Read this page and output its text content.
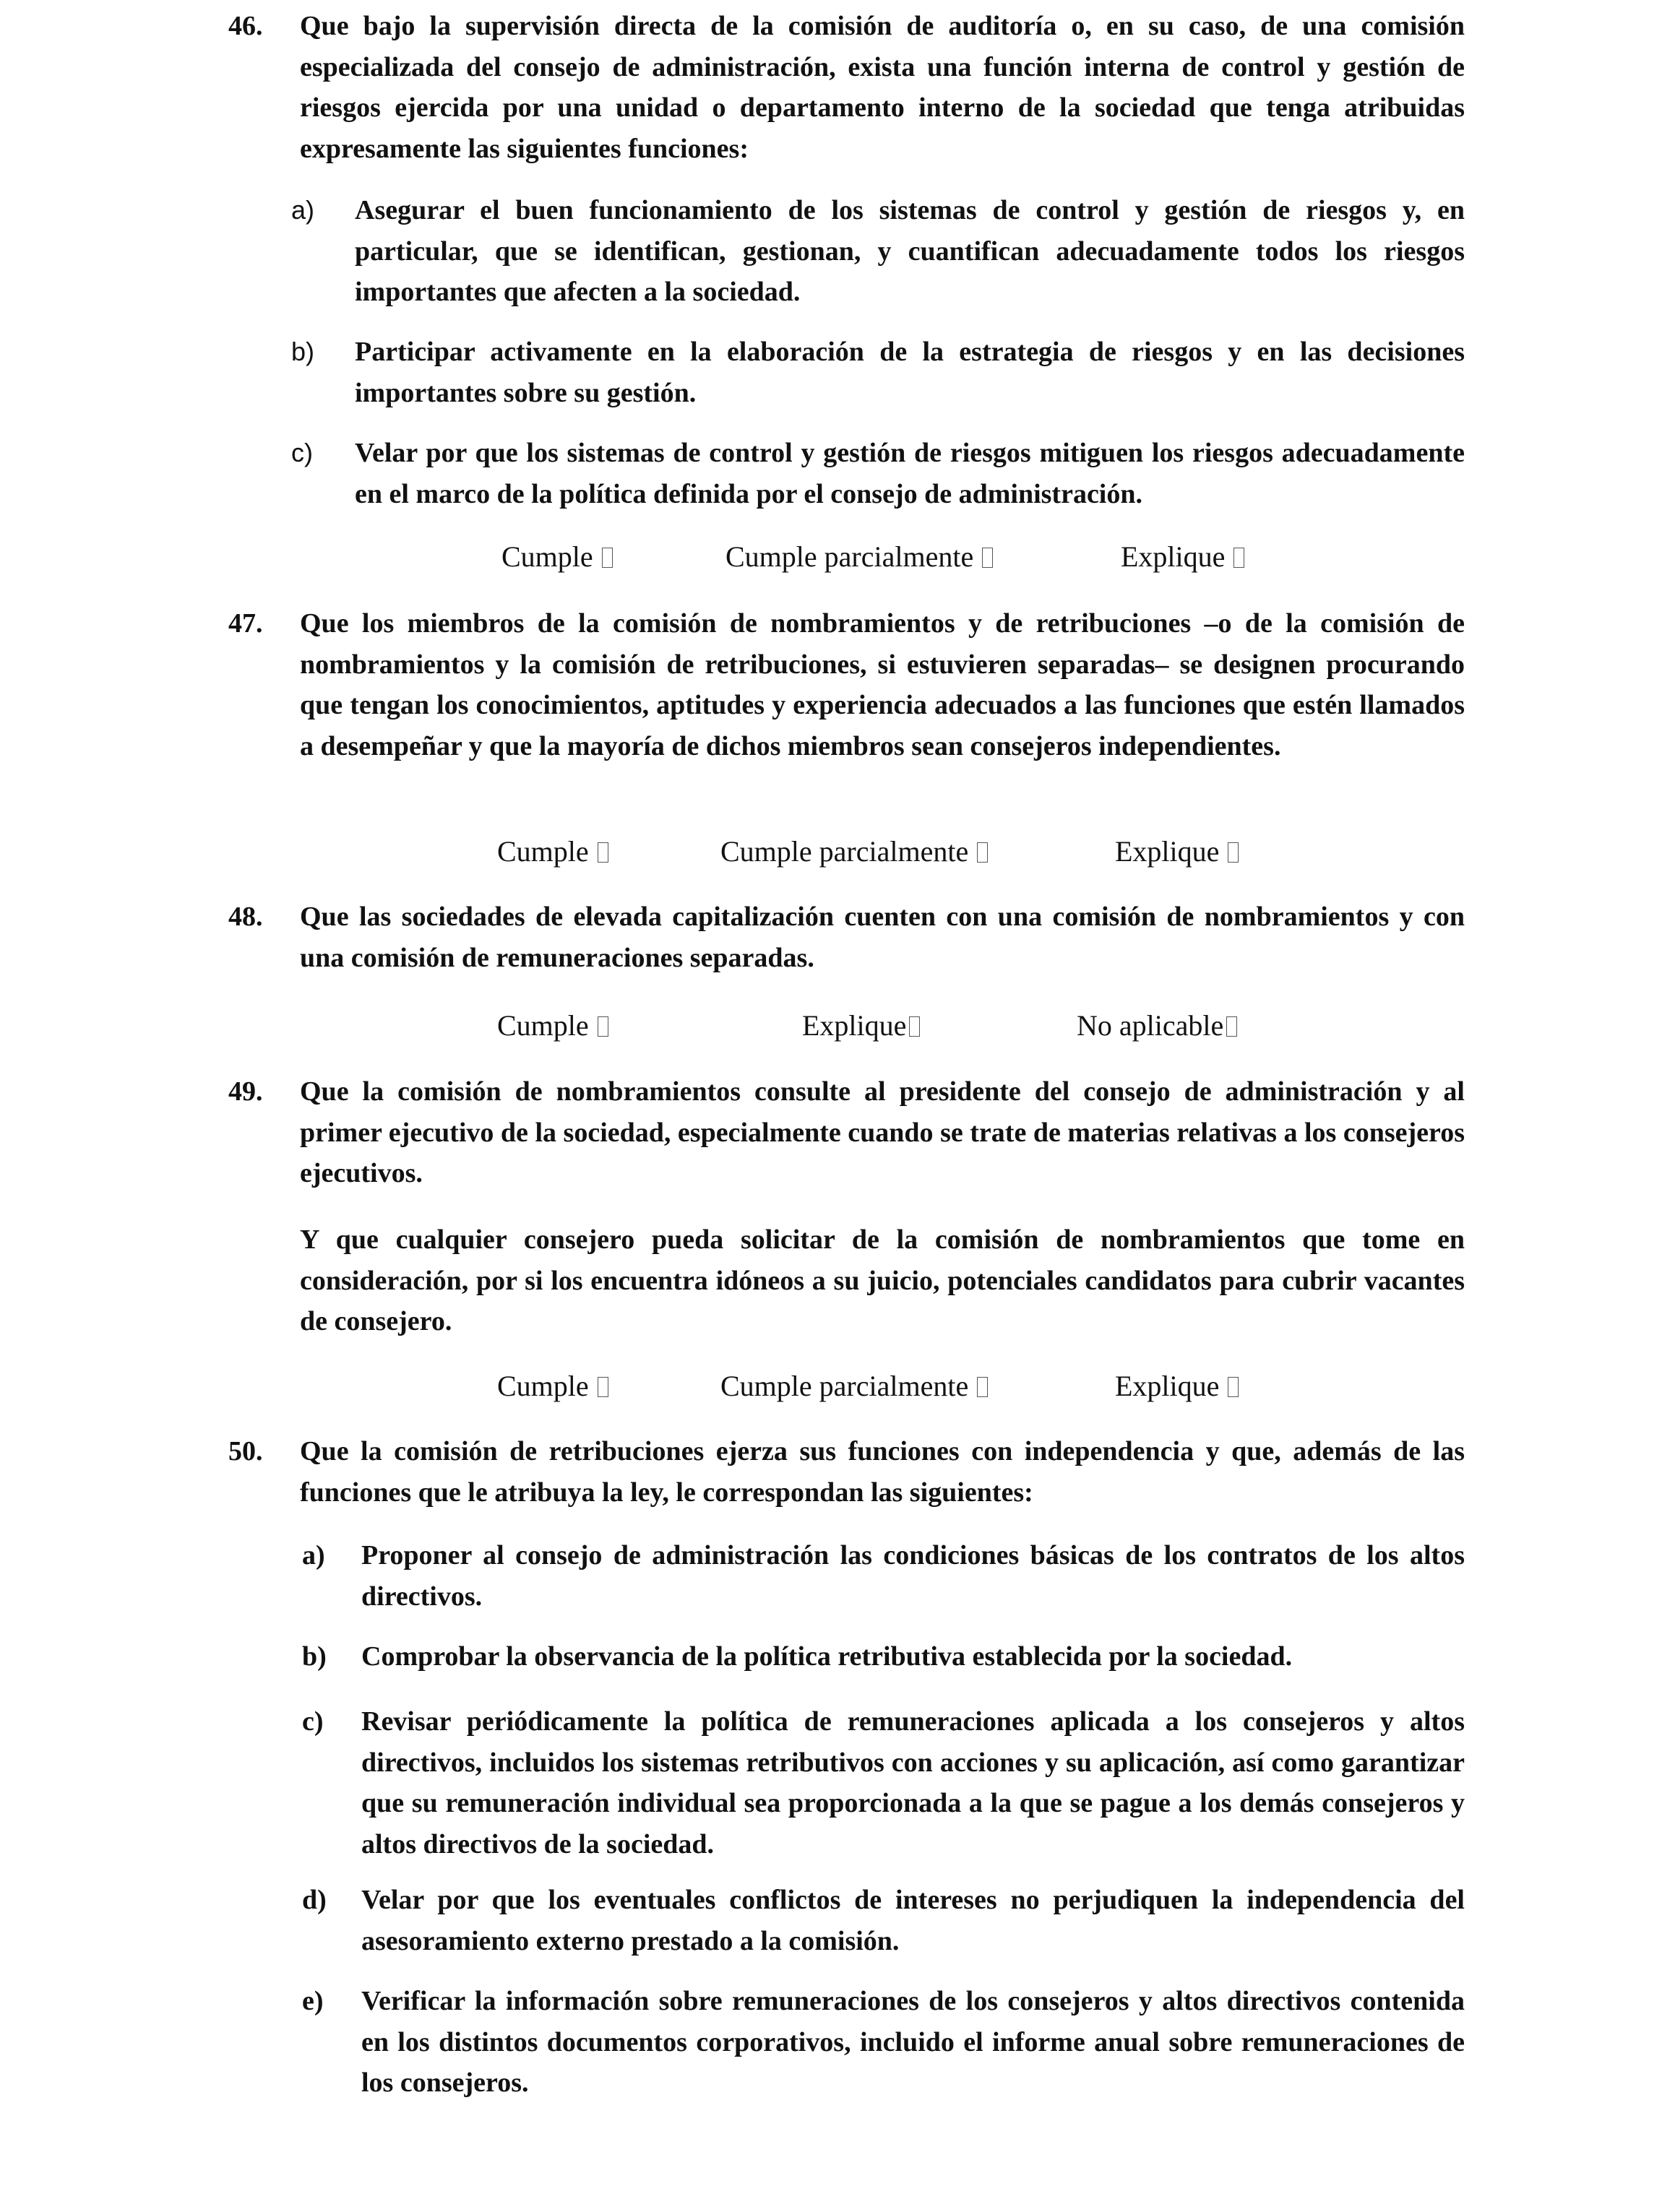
46. Que bajo la supervisión directa de la comisión de auditoría o, en su caso, de una comisión especializada del consejo de administración, exista una función interna de control y gestión de riesgos ejercida por una unidad o departamento interno de la sociedad que tenga atribuidas expresamente las siguientes funciones:
a) Asegurar el buen funcionamiento de los sistemas de control y gestión de riesgos y, en particular, que se identifican, gestionan, y cuantifican adecuadamente todos los riesgos importantes que afecten a la sociedad.
b) Participar activamente en la elaboración de la estrategia de riesgos y en las decisiones importantes sobre su gestión.
c) Velar por que los sistemas de control y gestión de riesgos mitiguen los riesgos adecuadamente en el marco de la política definida por el consejo de administración.
Cumple	Cumple parcialmente	Explique
47. Que los miembros de la comisión de nombramientos y de retribuciones –o de la comisión de nombramientos y la comisión de retribuciones, si estuvieren separadas– se designen procurando que tengan los conocimientos, aptitudes y experiencia adecuados a las funciones que estén llamados a desempeñar y que la mayoría de dichos miembros sean consejeros independientes.
Cumple	Cumple parcialmente	Explique
48. Que las sociedades de elevada capitalización cuenten con una comisión de nombramientos y con una comisión de remuneraciones separadas.
Cumple	Explique	No aplicable
49. Que la comisión de nombramientos consulte al presidente del consejo de administración y al primer ejecutivo de la sociedad, especialmente cuando se trate de materias relativas a los consejeros ejecutivos.
Y que cualquier consejero pueda solicitar de la comisión de nombramientos que tome en consideración, por si los encuentra idóneos a su juicio, potenciales candidatos para cubrir vacantes de consejero.
Cumple	Cumple parcialmente	Explique
50. Que la comisión de retribuciones ejerza sus funciones con independencia y que, además de las funciones que le atribuya la ley, le correspondan las siguientes:
a) Proponer al consejo de administración las condiciones básicas de los contratos de los altos directivos.
b) Comprobar la observancia de la política retributiva establecida por la sociedad.
c) Revisar periódicamente la política de remuneraciones aplicada a los consejeros y altos directivos, incluidos los sistemas retributivos con acciones y su aplicación, así como garantizar que su remuneración individual sea proporcionada a la que se pague a los demás consejeros y altos directivos de la sociedad.
d) Velar por que los eventuales conflictos de intereses no perjudiquen la independencia del asesoramiento externo prestado a la comisión.
e) Verificar la información sobre remuneraciones de los consejeros y altos directivos contenida en los distintos documentos corporativos, incluido el informe anual sobre remuneraciones de los consejeros.
